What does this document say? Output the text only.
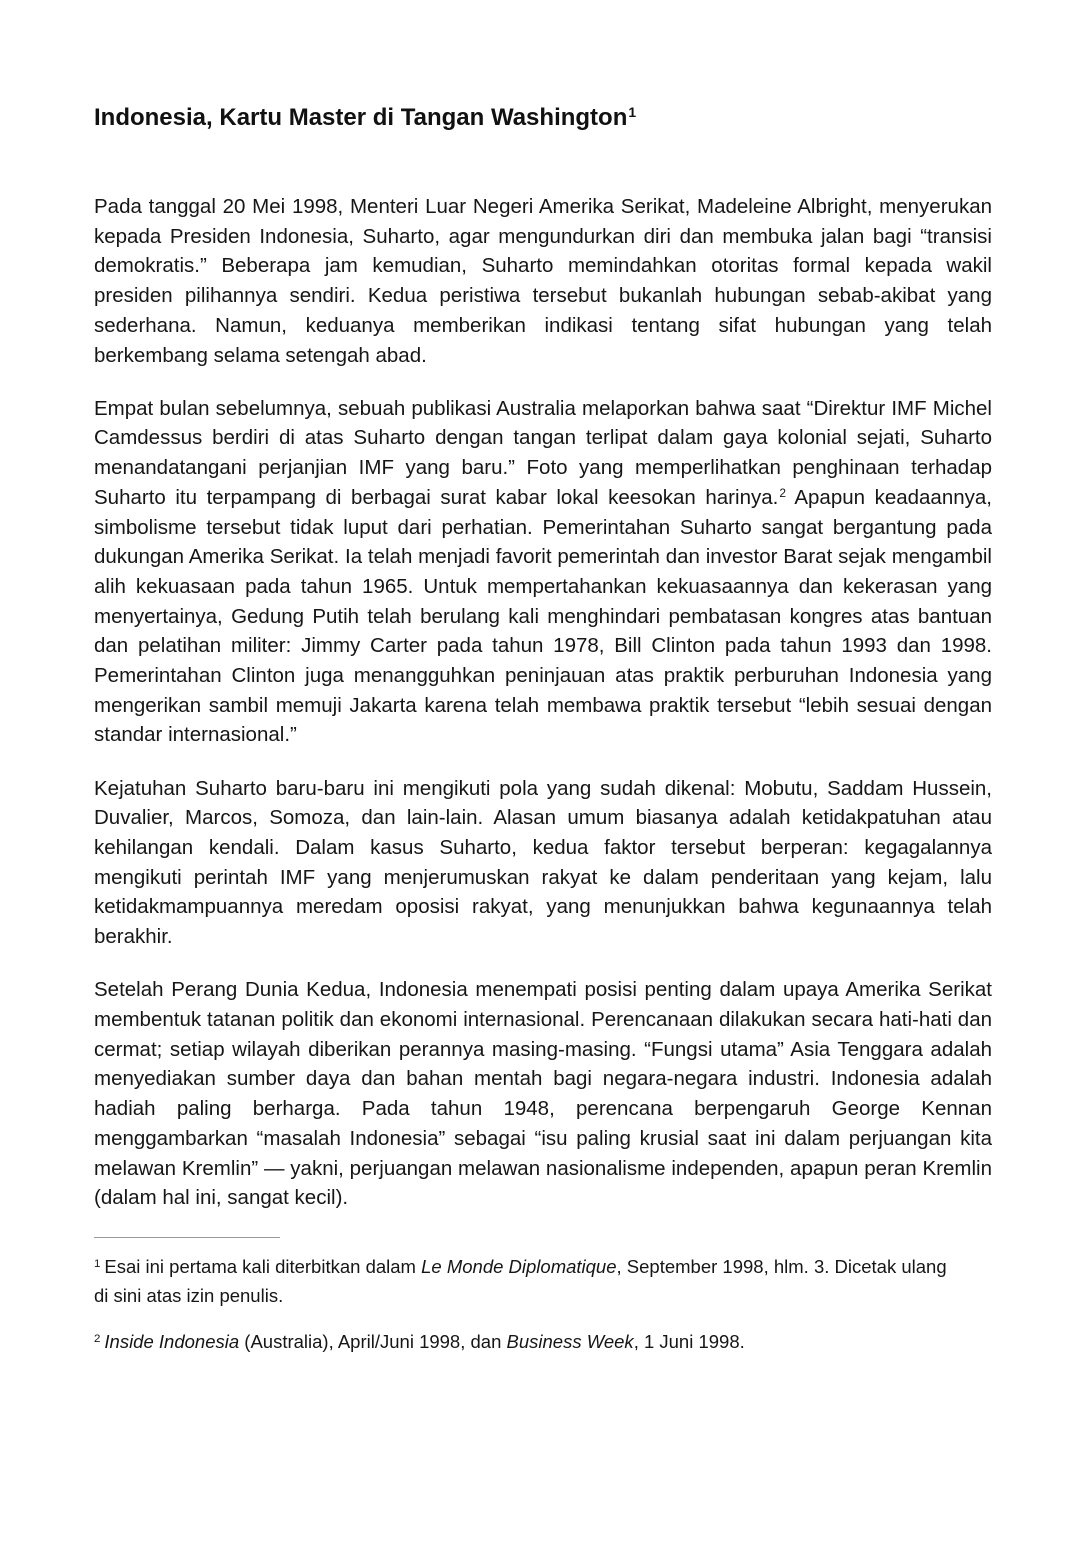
Indonesia, Kartu Master di Tangan Washington$^1$

Pada tanggal 20 Mei 1998, Menteri Luar Negeri Amerika Serikat, Madeleine Albright, menyerukan kepada Presiden Indonesia, Suharto, agar mengundurkan diri dan membuka jalan bagi “transisi demokratis.” Beberapa jam kemudian, Suharto memindahkan otoritas formal kepada wakil presiden pilihannya sendiri. Kedua peristiwa tersebut bukanlah hubungan sebab-akibat yang sederhana. Namun, keduanya memberikan indikasi tentang sifat hubungan yang telah berkembang selama setengah abad.

Empat bulan sebelumnya, sebuah publikasi Australia melaporkan bahwa saat “Direktur IMF Michel Camdessus berdiri di atas Suharto dengan tangan terlipat dalam gaya kolonial sejati, Suharto menandatangani perjanjian IMF yang baru.” Foto yang memperlihatkan penghinaan terhadap Suharto itu terpampang di berbagai surat kabar lokal keesokan harinya.$^2$ Apapun keadaannya, simbolisme tersebut tidak luput dari perhatian. Pemerintahan Suharto sangat bergantung pada dukungan Amerika Serikat. Ia telah menjadi favorit pemerintah dan investor Barat sejak mengambil alih kekuasaan pada tahun 1965. Untuk mempertahankan kekuasaannya dan kekerasan yang menyertainya, Gedung Putih telah berulang kali menghindari pembatasan kongres atas bantuan dan pelatihan militer: Jimmy Carter pada tahun 1978, Bill Clinton pada tahun 1993 dan 1998. Pemerintahan Clinton juga menangguhkan peninjauan atas praktik perburuhan Indonesia yang mengerikan sambil memuji Jakarta karena telah membawa praktik tersebut “lebih sesuai dengan standar internasional.”

Kejatuhan Suharto baru-baru ini mengikuti pola yang sudah dikenal: Mobutu, Saddam Hussein, Duvalier, Marcos, Somoza, dan lain-lain. Alasan umum biasanya adalah ketidakpatuhan atau kehilangan kendali. Dalam kasus Suharto, kedua faktor tersebut berperan: kegagalannya mengikuti perintah IMF yang menjerumuskan rakyat ke dalam penderitaan yang kejam, lalu ketidakmampuannya meredam oposisi rakyat, yang menunjukkan bahwa kegunaannya telah berakhir.

Setelah Perang Dunia Kedua, Indonesia menempati posisi penting dalam upaya Amerika Serikat membentuk tatanan politik dan ekonomi internasional. Perencanaan dilakukan secara hati-hati dan cermat; setiap wilayah diberikan perannya masing-masing. “Fungsi utama” Asia Tenggara adalah menyediakan sumber daya dan bahan mentah bagi negara-negara industri. Indonesia adalah hadiah paling berharga. Pada tahun 1948, perencana berpengaruh George Kennan menggambarkan “masalah Indonesia” sebagai “isu paling krusial saat ini dalam perjuangan kita melawan Kremlin” — yakni, perjuangan melawan nasionalisme independen, apapun peran Kremlin (dalam hal ini, sangat kecil).

$^1$ Esai ini pertama kali diterbitkan dalam Le Monde Diplomatique, September 1998, hlm. 3. Dicetak ulang di sini atas izin penulis.

$^2$ Inside Indonesia (Australia), April/Juni 1998, dan Business Week, 1 Juni 1998.
